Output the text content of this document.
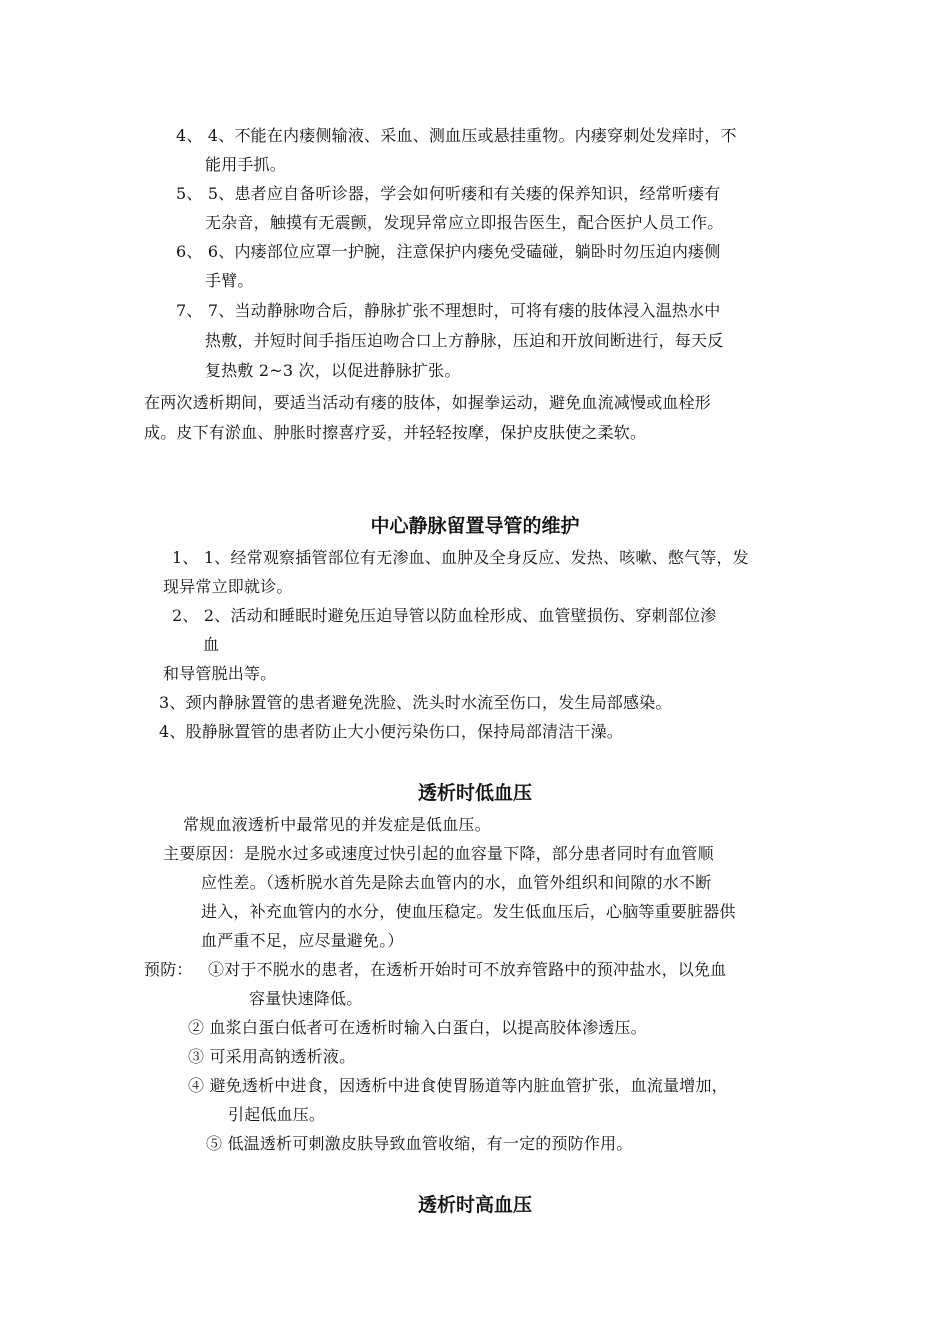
4、 4、不能在内瘘侧输液、采血、测血压或悬挂重物。内瘘穿刺处发痒时，不

能用手抓。

5、 5、患者应自备听诊器，学会如何听瘘和有关瘘的保养知识，经常听瘘有

无杂音，触摸有无震颤，发现异常应立即报告医生，配合医护人员工作。

6、 6、内瘘部位应罩一护腕，注意保护内瘘免受磕碰，躺卧时勿压迫内瘘侧

手臂。

7、 7、当动静脉吻合后，静脉扩张不理想时，可将有瘘的肢体浸入温热水中

热敷，并短时间手指压迫吻合口上方静脉，压迫和开放间断进行，每天反

复热敷 2~3 次，以促进静脉扩张。

在两次透析期间，要适当活动有瘘的肢体，如握拳运动，避免血流减慢或血栓形

成。皮下有淤血、肿胀时擦喜疗妥，并轻轻按摩，保护皮肤使之柔软。

中心静脉留置导管的维护

1、 1、经常观察插管部位有无渗血、血肿及全身反应、发热、咳嗽、憋气等，发

现异常立即就诊。

2、 2、活动和睡眠时避免压迫导管以防血栓形成、血管壁损伤、穿刺部位渗

血

和导管脱出等。

3、颈内静脉置管的患者避免洗脸、洗头时水流至伤口，发生局部感染。

4、股静脉置管的患者防止大小便污染伤口，保持局部清洁干澡。

透析时低血压

常规血液透析中最常见的并发症是低血压。

主要原因：是脱水过多或速度过快引起的血容量下降，部分患者同时有血管顺

应性差。（透析脱水首先是除去血管内的水，血管外组织和间隙的水不断

进入，补充血管内的水分，使血压稳定。发生低血压后，心脑等重要脏器供

血严重不足，应尽量避免。）

预防： ①对于不脱水的患者，在透析开始时可不放弃管路中的预冲盐水，以免血

容量快速降低。

② 血浆白蛋白低者可在透析时输入白蛋白，以提高胶体渗透压。

③ 可采用高钠透析液。

④ 避免透析中进食，因透析中进食使胃肠道等内脏血管扩张，血流量增加，

引起低血压。

⑤ 低温透析可刺激皮肤导致血管收缩，有一定的预防作用。

透析时高血压
